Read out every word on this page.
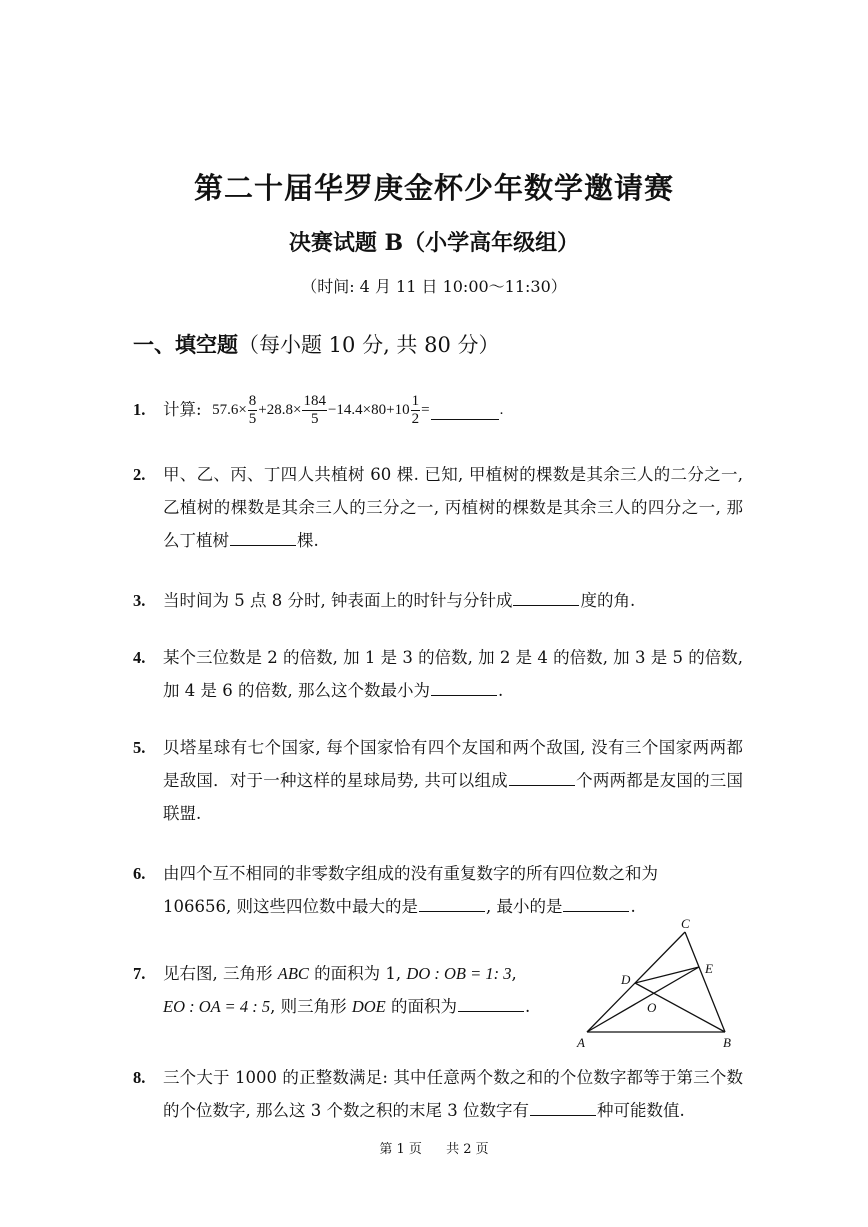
第二十届华罗庚金杯少年数学邀请赛
决赛试题 B（小学高年级组）
（时间: 4 月 11 日 10:00～11:30）
一、填空题（每小题 10 分, 共 80 分）
1. 计算: $57.6\times \frac{8}{5} +28.8\times \frac{184}{5} -14.4\times 80+10 \frac{1}{2}$ =	.
2. 甲、乙、丙、丁四人共植树 60 棵. 已知, 甲植树的棵数是其余三人的二分之一, 乙植树的棵数是其余三人的三分之一, 丙植树的棵数是其余三人的四分之一, 那么丁植树	棵.
3. 当时间为 5 点 8 分时, 钟表面上的时针与分针成	度的角.
4. 某个三位数是 2 的倍数, 加 1 是 3 的倍数, 加 2 是 4 的倍数, 加 3 是 5 的倍数, 加 4 是 6 的倍数, 那么这个数最小为	.
5. 贝塔星球有七个国家, 每个国家恰有四个友国和两个敌国, 没有三个国家两两都是敌国．对于一种这样的星球局势, 共可以组成	个两两都是友国的三国联盟.
6. 由四个互不相同的非零数字组成的没有重复数字的所有四位数之和为
106656, 则这些四位数中最大的是	, 最小的是	.
7. 见右图, 三角形 ABC 的面积为 1, DO : OB = 1: 3,
EO : OA = 4 : 5, 则三角形 DOE 的面积为	.
C
D
E
O
A	B
8. 三个大于 1000 的正整数满足: 其中任意两个数之和的个位数字都等于第三个数的个位数字, 那么这 3 个数之积的末尾 3 位数字有	种可能数值.
第 1 页 共 2 页
